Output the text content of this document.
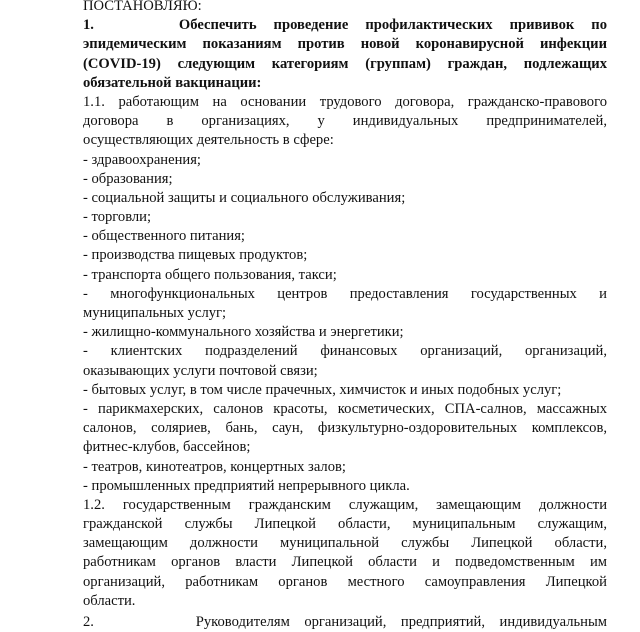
ПОСТАНОВЛЯЮ:
1.     Обеспечить проведение профилактических прививок по
эпидемическим показаниям против новой коронавирусной инфекции
(COVID-19) следующим категориям (группам) граждан, подлежащих
обязательной вакцинации:
1.1. работающим на основании трудового договора, гражданско-правового
договора в организациях, у индивидуальных предпринимателей,
осуществляющих деятельность в сфере:
- здравоохранения;
- образования;
- социальной защиты и социального обслуживания;
- торговли;
- общественного питания;
- производства пищевых продуктов;
- транспорта общего пользования, такси;
- многофункциональных центров предоставления государственных и
муниципальных услуг;
- жилищно-коммунального хозяйства и энергетики;
- клиентских подразделений финансовых организаций, организаций,
оказывающих услуги почтовой связи;
- бытовых услуг, в том числе прачечных, химчисток и иных подобных услуг;
- парикмахерских, салонов красоты, косметических, СПА-салнов, массажных
салонов, соляриев, бань, саун, физкультурно-оздоровительных комплексов,
фитнес-клубов, бассейнов;
- театров, кинотеатров, концертных залов;
- промышленных предприятий непрерывного цикла.
1.2. государственным гражданским служащим, замещающим должности
гражданской службы Липецкой области, муниципальным служащим,
замещающим должности муниципальной службы Липецкой области,
работникам органов власти Липецкой области и подведомственным им
организаций, работникам органов местного самоуправления Липецкой
области.
2.       Руководителям организаций, предприятий, индивидуальным
